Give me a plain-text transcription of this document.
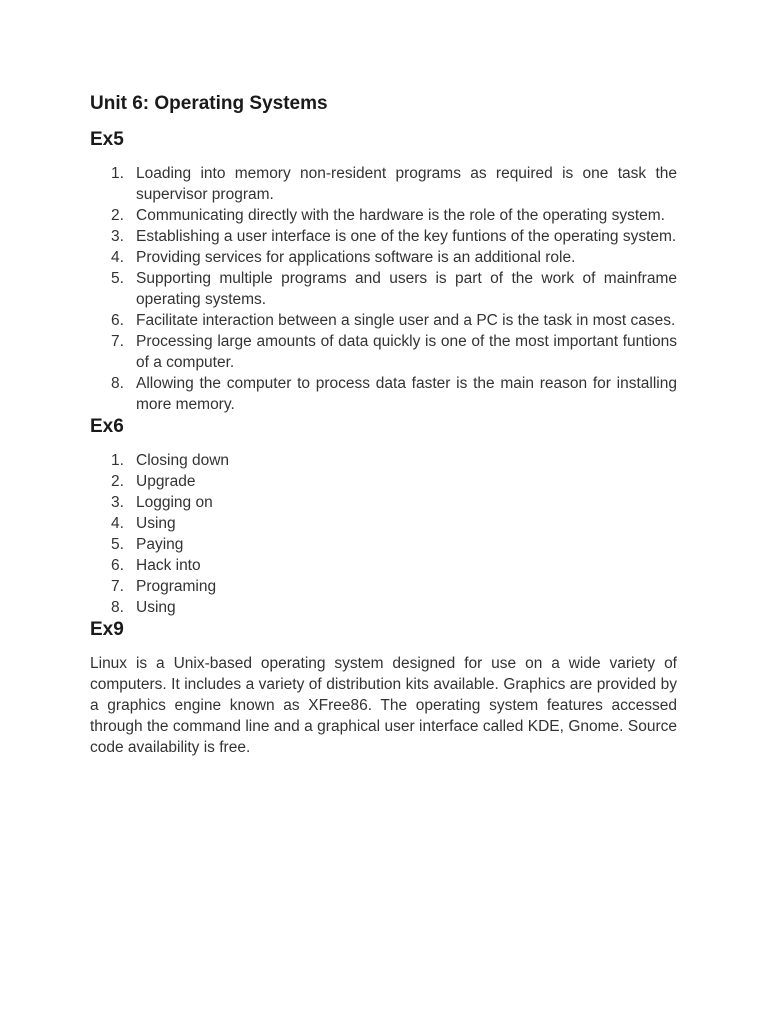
Unit 6: Operating Systems
Ex5
1. Loading into memory non-resident programs as required is one task the supervisor program.
2. Communicating directly with the hardware is the role of the operating system.
3. Establishing a user interface is one of the key funtions of the operating system.
4. Providing services for applications software is an additional role.
5. Supporting multiple programs and users is part of the work of mainframe operating systems.
6. Facilitate interaction between a single user and a PC is the task in most cases.
7. Processing large amounts of data quickly is one of the most important funtions of a computer.
8. Allowing the computer to process data faster is the main reason for installing more memory.
Ex6
1. Closing down
2. Upgrade
3. Logging on
4. Using
5. Paying
6. Hack into
7. Programing
8. Using
Ex9

Linux is a Unix-based operating system designed for use on a wide variety of computers. It includes a variety of distribution kits available. Graphics are provided by a graphics engine known as XFree86. The operating system features accessed through the command line and a graphical user interface called KDE, Gnome. Source code availability is free.
